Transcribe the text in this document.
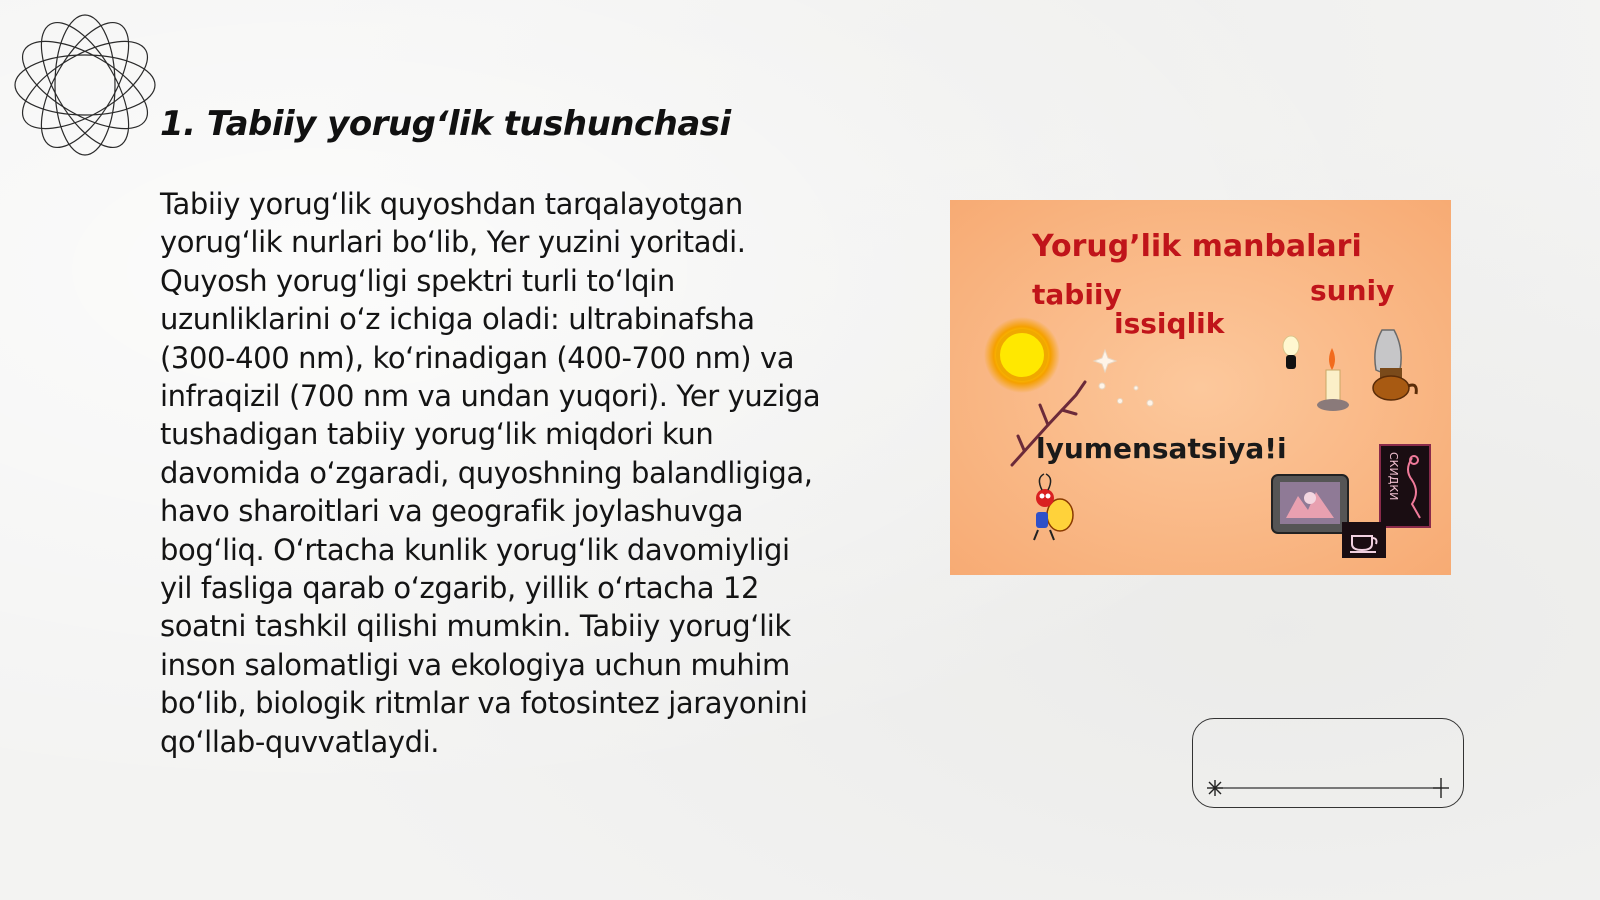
1. Tabiiy yorug‘lik tushunchasi

Tabiiy yorug‘lik quyoshdan tarqalayotgan yorug‘lik nurlari bo‘lib, Yer yuzini yoritadi. Quyosh yorug‘ligi spektri turli to‘lqin uzunliklarini o‘z ichiga oladi: ultrabinafsha (300-400 nm), ko‘rinadigan (400-700 nm) va infraqizil (700 nm va undan yuqori). Yer yuziga tushadigan tabiiy yorug‘lik miqdori kun davomida o‘zgaradi, quyoshning balandligiga, havo sharoitlari va geografik joylashuvga bog‘liq. O‘rtacha kunlik yorug‘lik davomiyligi yil fasliga qarab o‘zgarib, yillik o‘rtacha 12 soatni tashkil qilishi mumkin. Tabiiy yorug‘lik inson salomatligi va ekologiya uchun muhim bo‘lib, biologik ritmlar va fotosintez jarayonini qo‘llab-quvvatlaydi.

Yorug’lik manbalari
tabiiy	suniy
issiqlik
lyumensatsiya!i
СКИДКИ
